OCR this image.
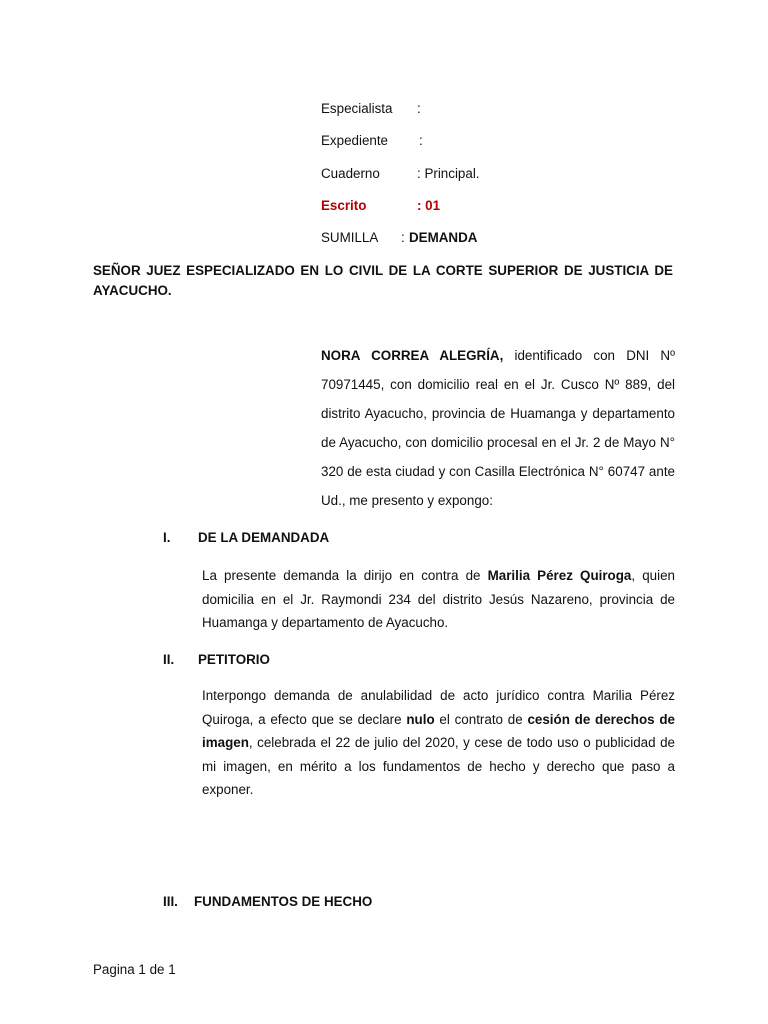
Especialista :
Expediente :
Cuaderno	: Principal.
Escrito	: 01
SUMILLA : DEMANDA
SEÑOR JUEZ ESPECIALIZADO EN LO CIVIL DE LA CORTE SUPERIOR DE JUSTICIA DE AYACUCHO.
NORA CORREA ALEGRÍA, identificado con DNI Nº 70971445, con domicilio real en el Jr. Cusco Nº 889, del distrito Ayacucho, provincia de Huamanga y departamento de Ayacucho, con domicilio procesal en el Jr. 2 de Mayo N° 320 de esta ciudad y con Casilla Electrónica N° 60747 ante Ud., me presento y expongo:
I. DE LA DEMANDADA
La presente demanda la dirijo en contra de Marilia Pérez Quiroga, quien domicilia en el Jr. Raymondi 234 del distrito Jesús Nazareno, provincia de Huamanga y departamento de Ayacucho.
II. PETITORIO
Interpongo demanda de anulabilidad de acto jurídico contra Marilia Pérez Quiroga, a efecto que se declare nulo el contrato de cesión de derechos de imagen, celebrada el 22 de julio del 2020, y cese de todo uso o publicidad de mi imagen, en mérito a los fundamentos de hecho y derecho que paso a exponer.
III. FUNDAMENTOS DE HECHO
Pagina 1 de 1
